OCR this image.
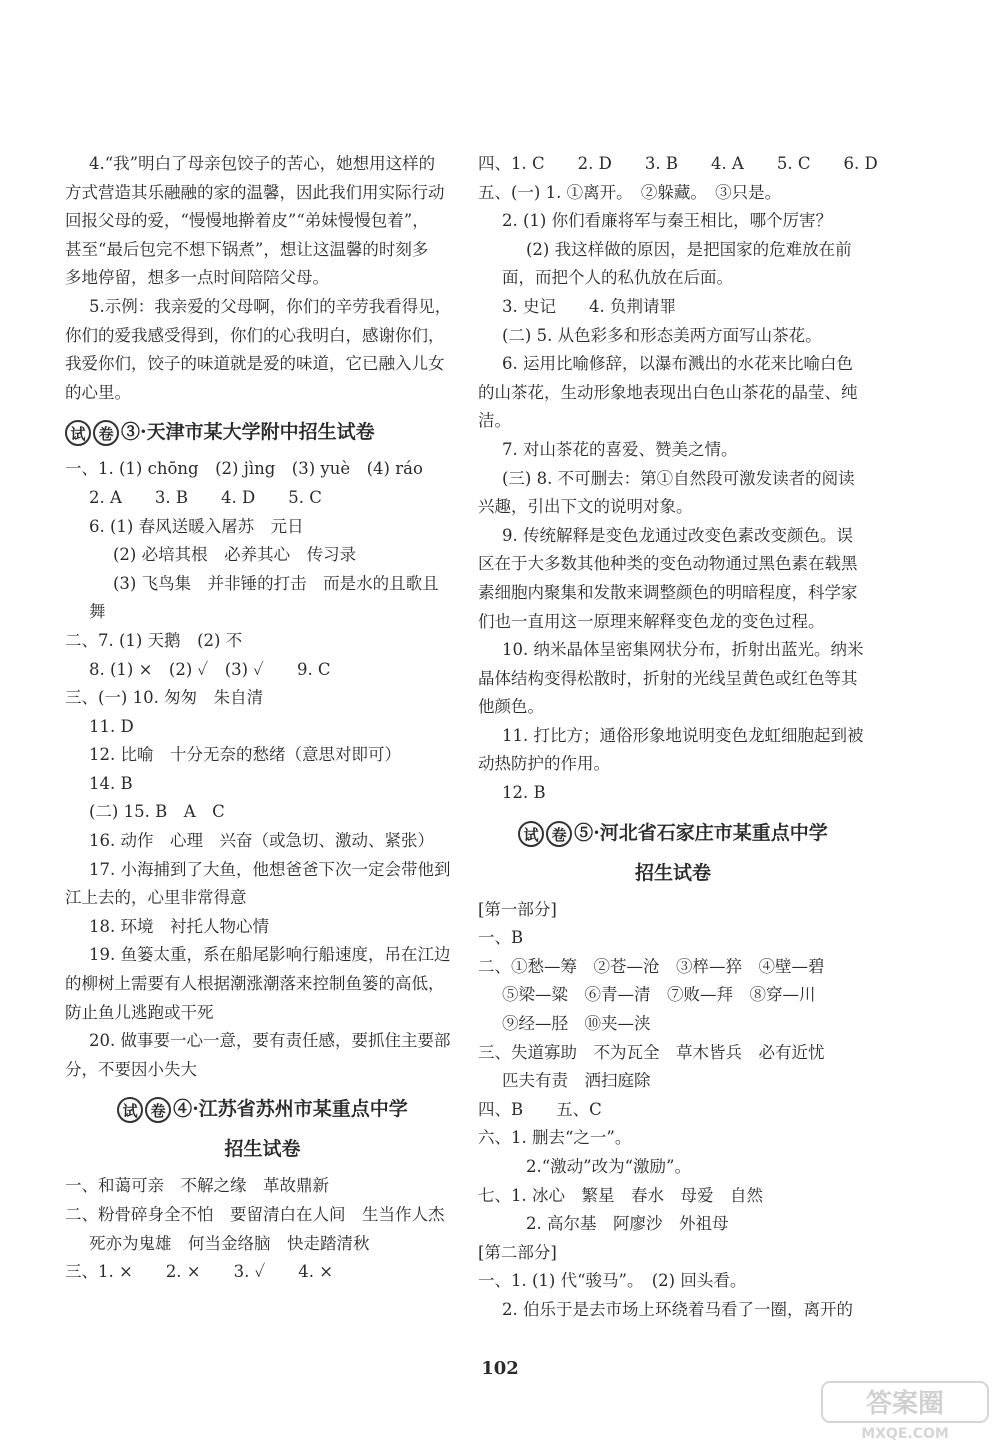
4.“我”明白了母亲包饺子的苦心，她想用这样的

方式营造其乐融融的家的温馨，因此我们用实际行动

回报父母的爱，“慢慢地擀着皮”“弟妹慢慢包着”，

甚至“最后包完不想下锅煮”，想让这温馨的时刻多

多地停留，想多一点时间陪陪父母。

5.示例：我亲爱的父母啊，你们的辛劳我看得见，

你们的爱我感受得到，你们的心我明白，感谢你们，

我爱你们，饺子的味道就是爱的味道，它已融入儿女

的心里。

试 卷 ③·天津市某大学附中招生试卷

一、1. (1) chōng　(2) jìng　(3) yuè　(4) ráo

2. A　　3. B　　4. D　　5. C

6. (1) 春风送暖入屠苏　元日

(2) 必培其根　必养其心　传习录

(3) 飞鸟集　并非锤的打击　而是水的且歌且

舞

二、7. (1) 天鹅　(2) 不

8. (1) ×　(2) ✓　(3) ✓　　9. C

三、(一) 10. 匆匆　朱自清

11. D

12. 比喻　十分无奈的愁绪（意思对即可）

14. B

(二) 15. B　A　C

16. 动作　心理　兴奋（或急切、激动、紧张）

17. 小海捕到了大鱼，他想爸爸下次一定会带他到

江上去的，心里非常得意

18. 环境　衬托人物心情

19. 鱼篓太重，系在船尾影响行船速度，吊在江边

的柳树上需要有人根据潮涨潮落来控制鱼篓的高低，

防止鱼儿逃跑或干死

20. 做事要一心一意，要有责任感，要抓住主要部

分，不要因小失大

试 卷 ④·江苏省苏州市某重点中学
招生试卷

一、和蔼可亲　不解之缘　革故鼎新

二、粉骨碎身全不怕　要留清白在人间　生当作人杰

死亦为鬼雄　何当金络脑　快走踏清秋

三、1. ×　　2. ×　　3. ✓　　4. ×

四、1. C　　2. D　　3. B　　4. A　　5. C　　6. D

五、(一) 1. ①离开。　②躲藏。　③只是。

2. (1) 你们看廉将军与秦王相比，哪个厉害？

(2) 我这样做的原因，是把国家的危难放在前

面，而把个人的私仇放在后面。

3. 史记　　4. 负荆请罪

(二) 5. 从色彩多和形态美两方面写山茶花。

6. 运用比喻修辞，以瀑布溅出的水花来比喻白色

的山茶花，生动形象地表现出白色山茶花的晶莹、纯

洁。

7. 对山茶花的喜爱、赞美之情。

(三) 8. 不可删去：第①自然段可激发读者的阅读

兴趣，引出下文的说明对象。

9. 传统解释是变色龙通过改变色素改变颜色。误

区在于大多数其他种类的变色动物通过黑色素在载黑

素细胞内聚集和发散来调整颜色的明暗程度，科学家

们也一直用这一原理来解释变色龙的变色过程。

10. 纳米晶体呈密集网状分布，折射出蓝光。纳米

晶体结构变得松散时，折射的光线呈黄色或红色等其

他颜色。

11. 打比方；通俗形象地说明变色龙虹细胞起到被

动热防护的作用。

12. B

试 卷 ⑤·河北省石家庄市某重点中学
招生试卷

[第一部分]

一、B

二、①愁—筹　②苍—沧　③椊—猝　④壁—碧

⑤梁—粱　⑥青—清　⑦败—拜　⑧穿—川

⑨经—胫　⑩夹—浃

三、失道寡助　不为瓦全　草木皆兵　必有近忧

匹夫有责　洒扫庭除

四、B　　五、C

六、1. 删去“之一”。

2.“激动”改为“激励”。

七、1. 冰心　繁星　春水　母爱　自然

2. 高尔基　阿廖沙　外祖母

[第二部分]

一、1. (1) 代“骏马”。　(2) 回头看。

2. 伯乐于是去市场上环绕着马看了一圈，离开的

102
答案圈
MXQE.COM
